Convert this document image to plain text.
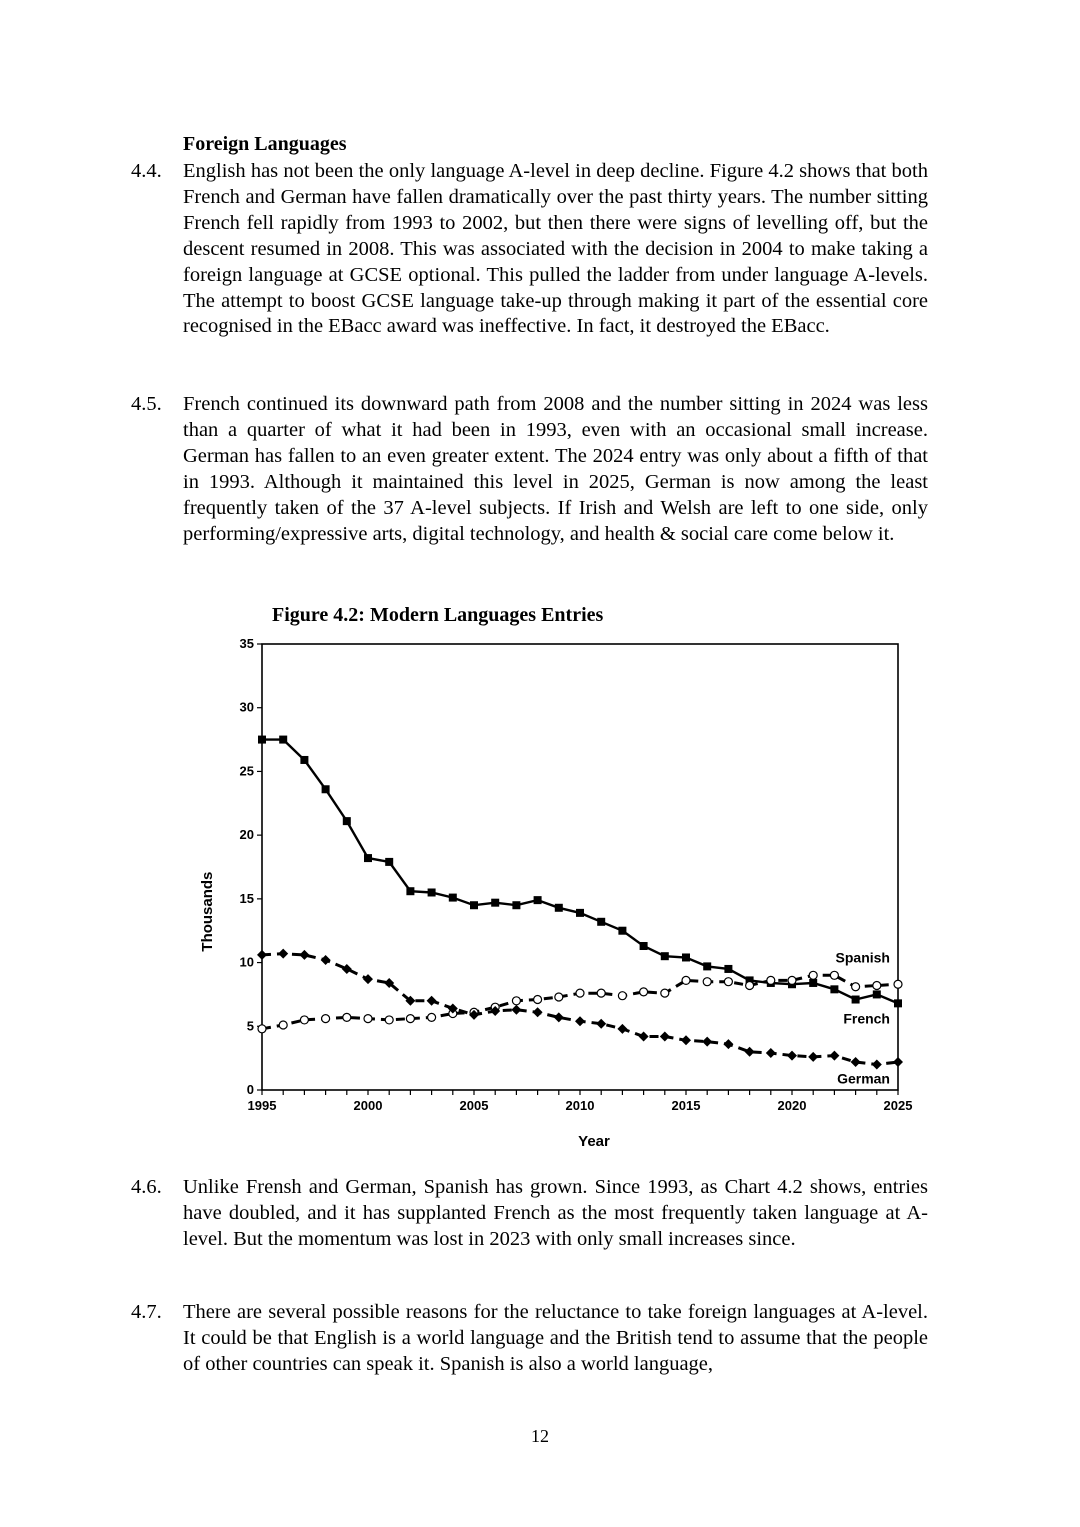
Foreign Languages
4.4. English has not been the only language A-level in deep decline. Figure 4.2 shows that both French and German have fallen dramatically over the past thirty years. The number sitting French fell rapidly from 1993 to 2002, but then there were signs of levelling off, but the descent resumed in 2008. This was associated with the decision in 2004 to make taking a foreign language at GCSE optional. This pulled the ladder from under language A-levels. The attempt to boost GCSE language take-up through making it part of the essential core recognised in the EBacc award was ineffective. In fact, it destroyed the EBacc.
4.5. French continued its downward path from 2008 and the number sitting in 2024 was less than a quarter of what it had been in 1993, even with an occasional small increase. German has fallen to an even greater extent. The 2024 entry was only about a fifth of that in 1993. Although it maintained this level in 2025, German is now among the least frequently taken of the 37 A-level subjects. If Irish and Welsh are left to one side, only performing/expressive arts, digital technology, and health & social care come below it.
Figure 4.2: Modern Languages Entries
0
5
10
15
20
25
30
35
1995	2000	2005	2010	2015	2020	2025
Year
Thousands
Spanish
French
German
4.6. Unlike Frensh and German, Spanish has grown. Since 1993, as Chart 4.2 shows, entries have doubled, and it has supplanted French as the most frequently taken language at A-level. But the momentum was lost in 2023 with only small increases since.
4.7. There are several possible reasons for the reluctance to take foreign languages at A-level. It could be that English is a world language and the British tend to assume that the people of other countries can speak it. Spanish is also a world language,
12
